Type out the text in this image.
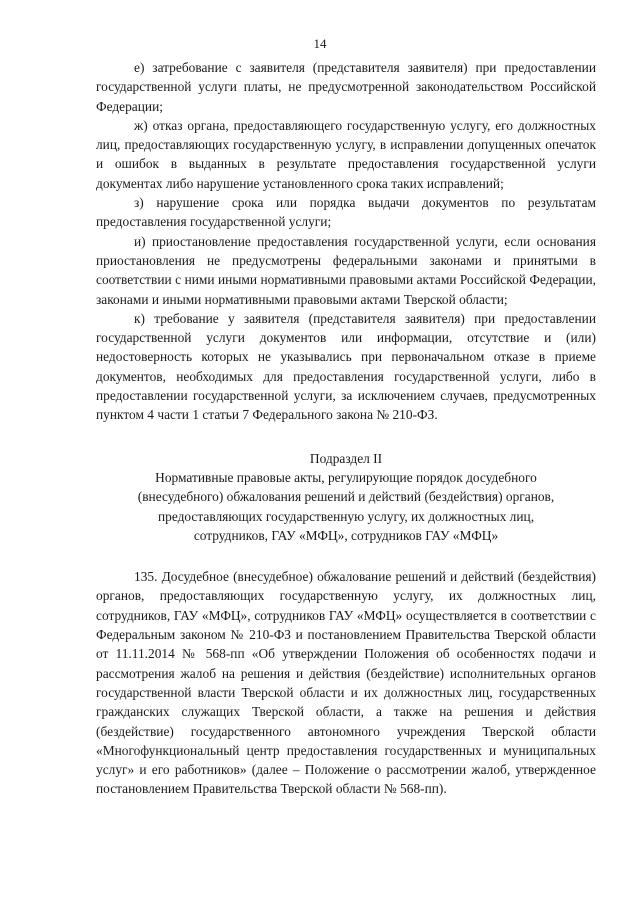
14

е) затребование с заявителя (представителя заявителя) при предоставлении государственной услуги платы, не предусмотренной законодательством Российской Федерации;

ж) отказ органа, предоставляющего государственную услугу, его должностных лиц, предоставляющих государственную услугу, в исправлении допущенных опечаток и ошибок в выданных в результате предоставления государственной услуги документах либо нарушение установленного срока таких исправлений;

з) нарушение срока или порядка выдачи документов по результатам предоставления государственной услуги;

и) приостановление предоставления государственной услуги, если основания приостановления не предусмотрены федеральными законами и принятыми в соответствии с ними иными нормативными правовыми актами Российской Федерации, законами и иными нормативными правовыми актами Тверской области;

к) требование у заявителя (представителя заявителя) при предоставлении государственной услуги документов или информации, отсутствие и (или) недостоверность которых не указывались при первоначальном отказе в приеме документов, необходимых для предоставления государственной услуги, либо в предоставлении государственной услуги, за исключением случаев, предусмотренных пунктом 4 части 1 статьи 7 Федерального закона № 210-ФЗ.

Подраздел II
Нормативные правовые акты, регулирующие порядок досудебного
(внесудебного) обжалования решений и действий (бездействия) органов,
предоставляющих государственную услугу, их должностных лиц,
сотрудников, ГАУ «МФЦ», сотрудников ГАУ «МФЦ»

135. Досудебное (внесудебное) обжалование решений и действий (бездействия) органов, предоставляющих государственную услугу, их должностных лиц, сотрудников, ГАУ «МФЦ», сотрудников ГАУ «МФЦ» осуществляется в соответствии с Федеральным законом № 210-ФЗ и постановлением Правительства Тверской области от 11.11.2014 № 568-пп «Об утверждении Положения об особенностях подачи и рассмотрения жалоб на решения и действия (бездействие) исполнительных органов государственной власти Тверской области и их должностных лиц, государственных гражданских служащих Тверской области, а также на решения и действия (бездействие) государственного автономного учреждения Тверской области «Многофункциональный центр предоставления государственных и муниципальных услуг» и его работников» (далее – Положение о рассмотрении жалоб, утвержденное постановлением Правительства Тверской области № 568-пп).
